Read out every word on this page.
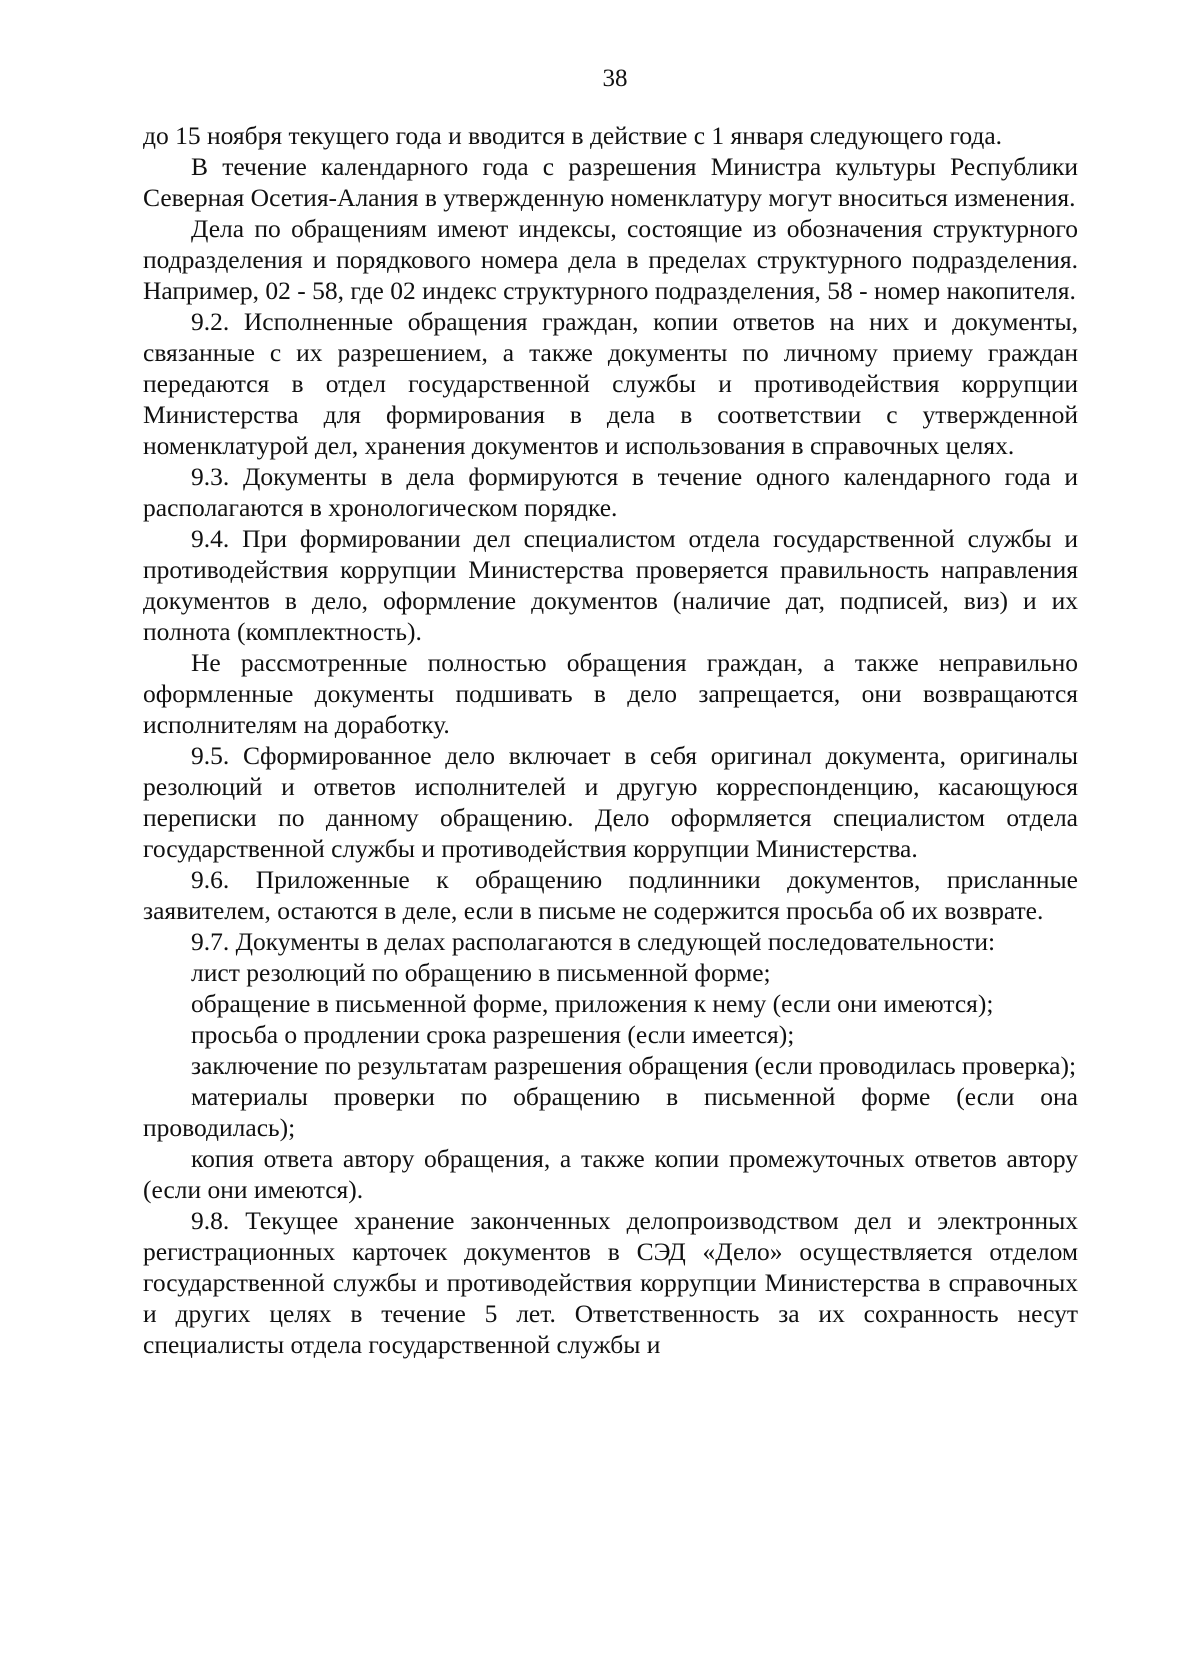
38

до 15 ноября текущего года и вводится в действие с 1 января следующего года.

В течение календарного года с разрешения Министра культуры Республики Северная Осетия-Алания в утвержденную номенклатуру могут вноситься изменения.

Дела по обращениям имеют индексы, состоящие из обозначения структурного подразделения и порядкового номера дела в пределах структурного подразделения. Например, 02 - 58, где 02 индекс структурного подразделения, 58 - номер накопителя.

9.2. Исполненные обращения граждан, копии ответов на них и документы, связанные с их разрешением, а также документы по личному приему граждан передаются в отдел государственной службы и противодействия коррупции Министерства для формирования в дела в соответствии с утвержденной номенклатурой дел, хранения документов и использования в справочных целях.

9.3. Документы в дела формируются в течение одного календарного года и располагаются в хронологическом порядке.

9.4. При формировании дел специалистом отдела государственной службы и противодействия коррупции Министерства проверяется правильность направления документов в дело, оформление документов (наличие дат, подписей, виз) и их полнота (комплектность).

Не рассмотренные полностью обращения граждан, а также неправильно оформленные документы подшивать в дело запрещается, они возвращаются исполнителям на доработку.

9.5. Сформированное дело включает в себя оригинал документа, оригиналы резолюций и ответов исполнителей и другую корреспонденцию, касающуюся переписки по данному обращению. Дело оформляется специалистом отдела государственной службы и противодействия коррупции Министерства.

9.6. Приложенные к обращению подлинники документов, присланные заявителем, остаются в деле, если в письме не содержится просьба об их возврате.

9.7. Документы в делах располагаются в следующей последовательности:

лист резолюций по обращению в письменной форме;

обращение в письменной форме, приложения к нему (если они имеются);

просьба о продлении срока разрешения (если имеется);

заключение по результатам разрешения обращения (если проводилась проверка);

материалы проверки по обращению в письменной форме (если она проводилась);

копия ответа автору обращения, а также копии промежуточных ответов автору (если они имеются).

9.8. Текущее хранение законченных делопроизводством дел и электронных регистрационных карточек документов в СЭД «Дело» осуществляется отделом государственной службы и противодействия коррупции Министерства в справочных и других целях в течение 5 лет. Ответственность за их сохранность несут специалисты отдела государственной службы и
